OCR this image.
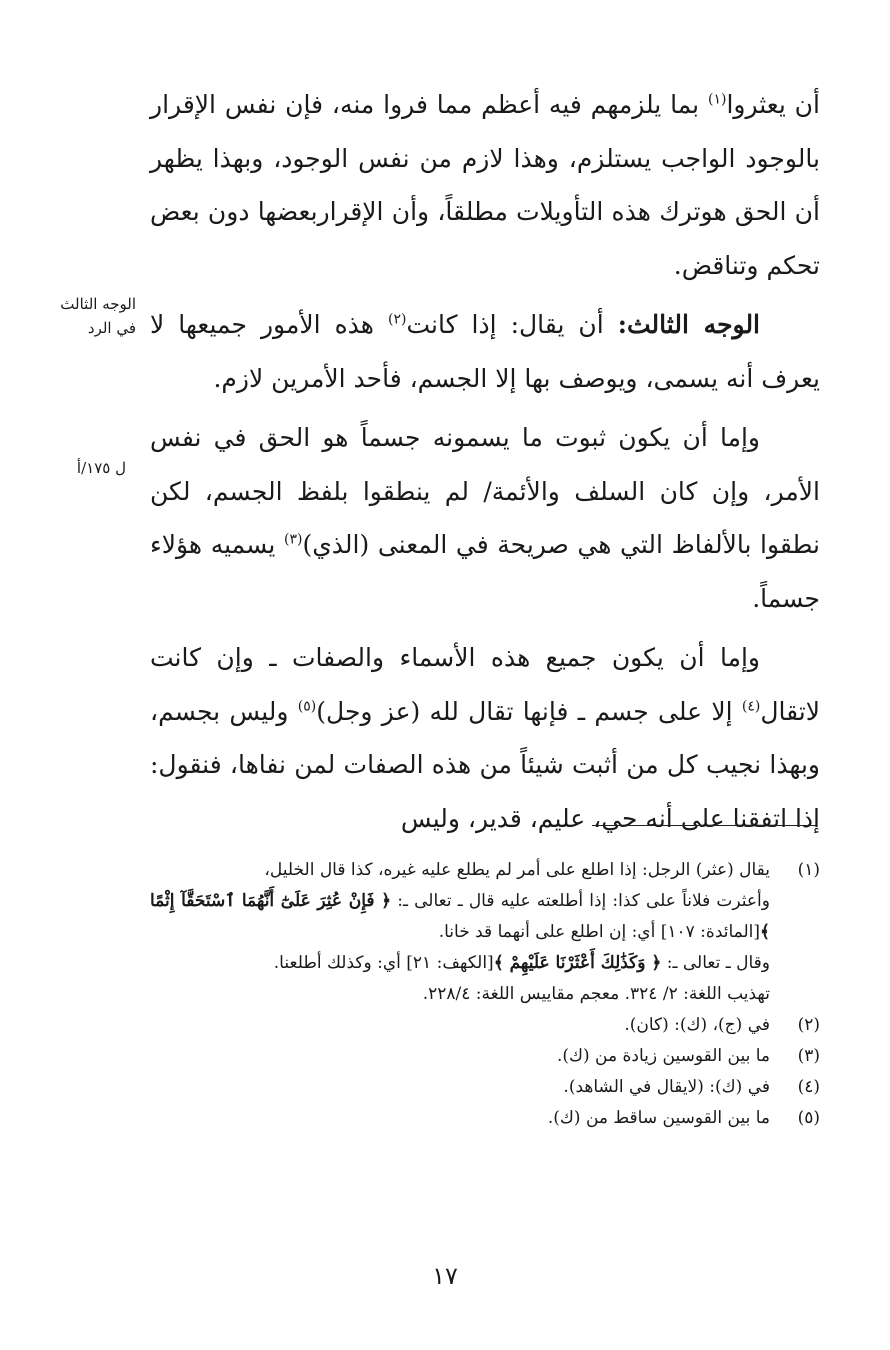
أن يعثروا$^{(١)}$ بما يلزمهم فيه أعظم مما فروا منه، فإن نفس الإقرار بالوجود الواجب يستلزم، وهذا لازم من نفس الوجود، وبهذا يظهر أن الحق هوترك هذه التأويلات مطلقاً، وأن الإقراربعضها دون بعض تحكم وتناقض.

الوجه الثالث: أن يقال: إذا كانت$^{(٢)}$ هذه الأمور جميعها لا يعرف أنه يسمى، ويوصف بها إلا الجسم، فأحد الأمرين لازم.

وإما أن يكون ثبوت ما يسمونه جسماً هو الحق في نفس الأمر، وإن كان السلف والأئمة/ لم ينطقوا بلفظ الجسم، لكن نطقوا بالألفاظ التي هي صريحة في المعنى (الذي)$^{(٣)}$ يسميه هؤلاء جسماً.

وإما أن يكون جميع هذه الأسماء والصفات ـ وإن كانت لاتقال$^{(٤)}$ إلا على جسم ـ فإنها تقال لله (عز وجل)$^{(٥)}$ وليس بجسم، وبهذا نجيب كل من أثبت شيئاً من هذه الصفات لمن نفاها، فنقول: إذا اتفقنا على أنه حي، عليم، قدير، وليس

الوجه الثالث في الرد
ل ١٧٥/أ
(١)

يقال (عثر) الرجل: إذا اطلع على أمر لم يطلع عليه غيره، كذا قال الخليل،

وأعثرت فلاناً على كذا: إذا أطلعته عليه قال ـ تعالى ـ: ﴿ فَإِنْ عُثِرَ عَلَىٰٓ أَنَّهُمَا ٱسْتَحَقَّآ إِثْمًا ﴾[المائدة: ١٠٧] أي: إن اطلع على أنهما قد خانا.

وقال ـ تعالى ـ: ﴿ وَكَذَٰلِكَ أَعْثَرْنَا عَلَيْهِمْ ﴾[الكهف: ٢١] أي: وكذلك أطلعنا.

تهذيب اللغة: ٢/ ٣٢٤. معجم مقاييس اللغة: ٢٢٨/٤.

(٢)

في (ج)، (ك): (كان).

(٣)

ما بين القوسين زيادة من (ك).

(٤)

في (ك): (لايقال في الشاهد).

(٥)

ما بين القوسين ساقط من (ك).

١٧
